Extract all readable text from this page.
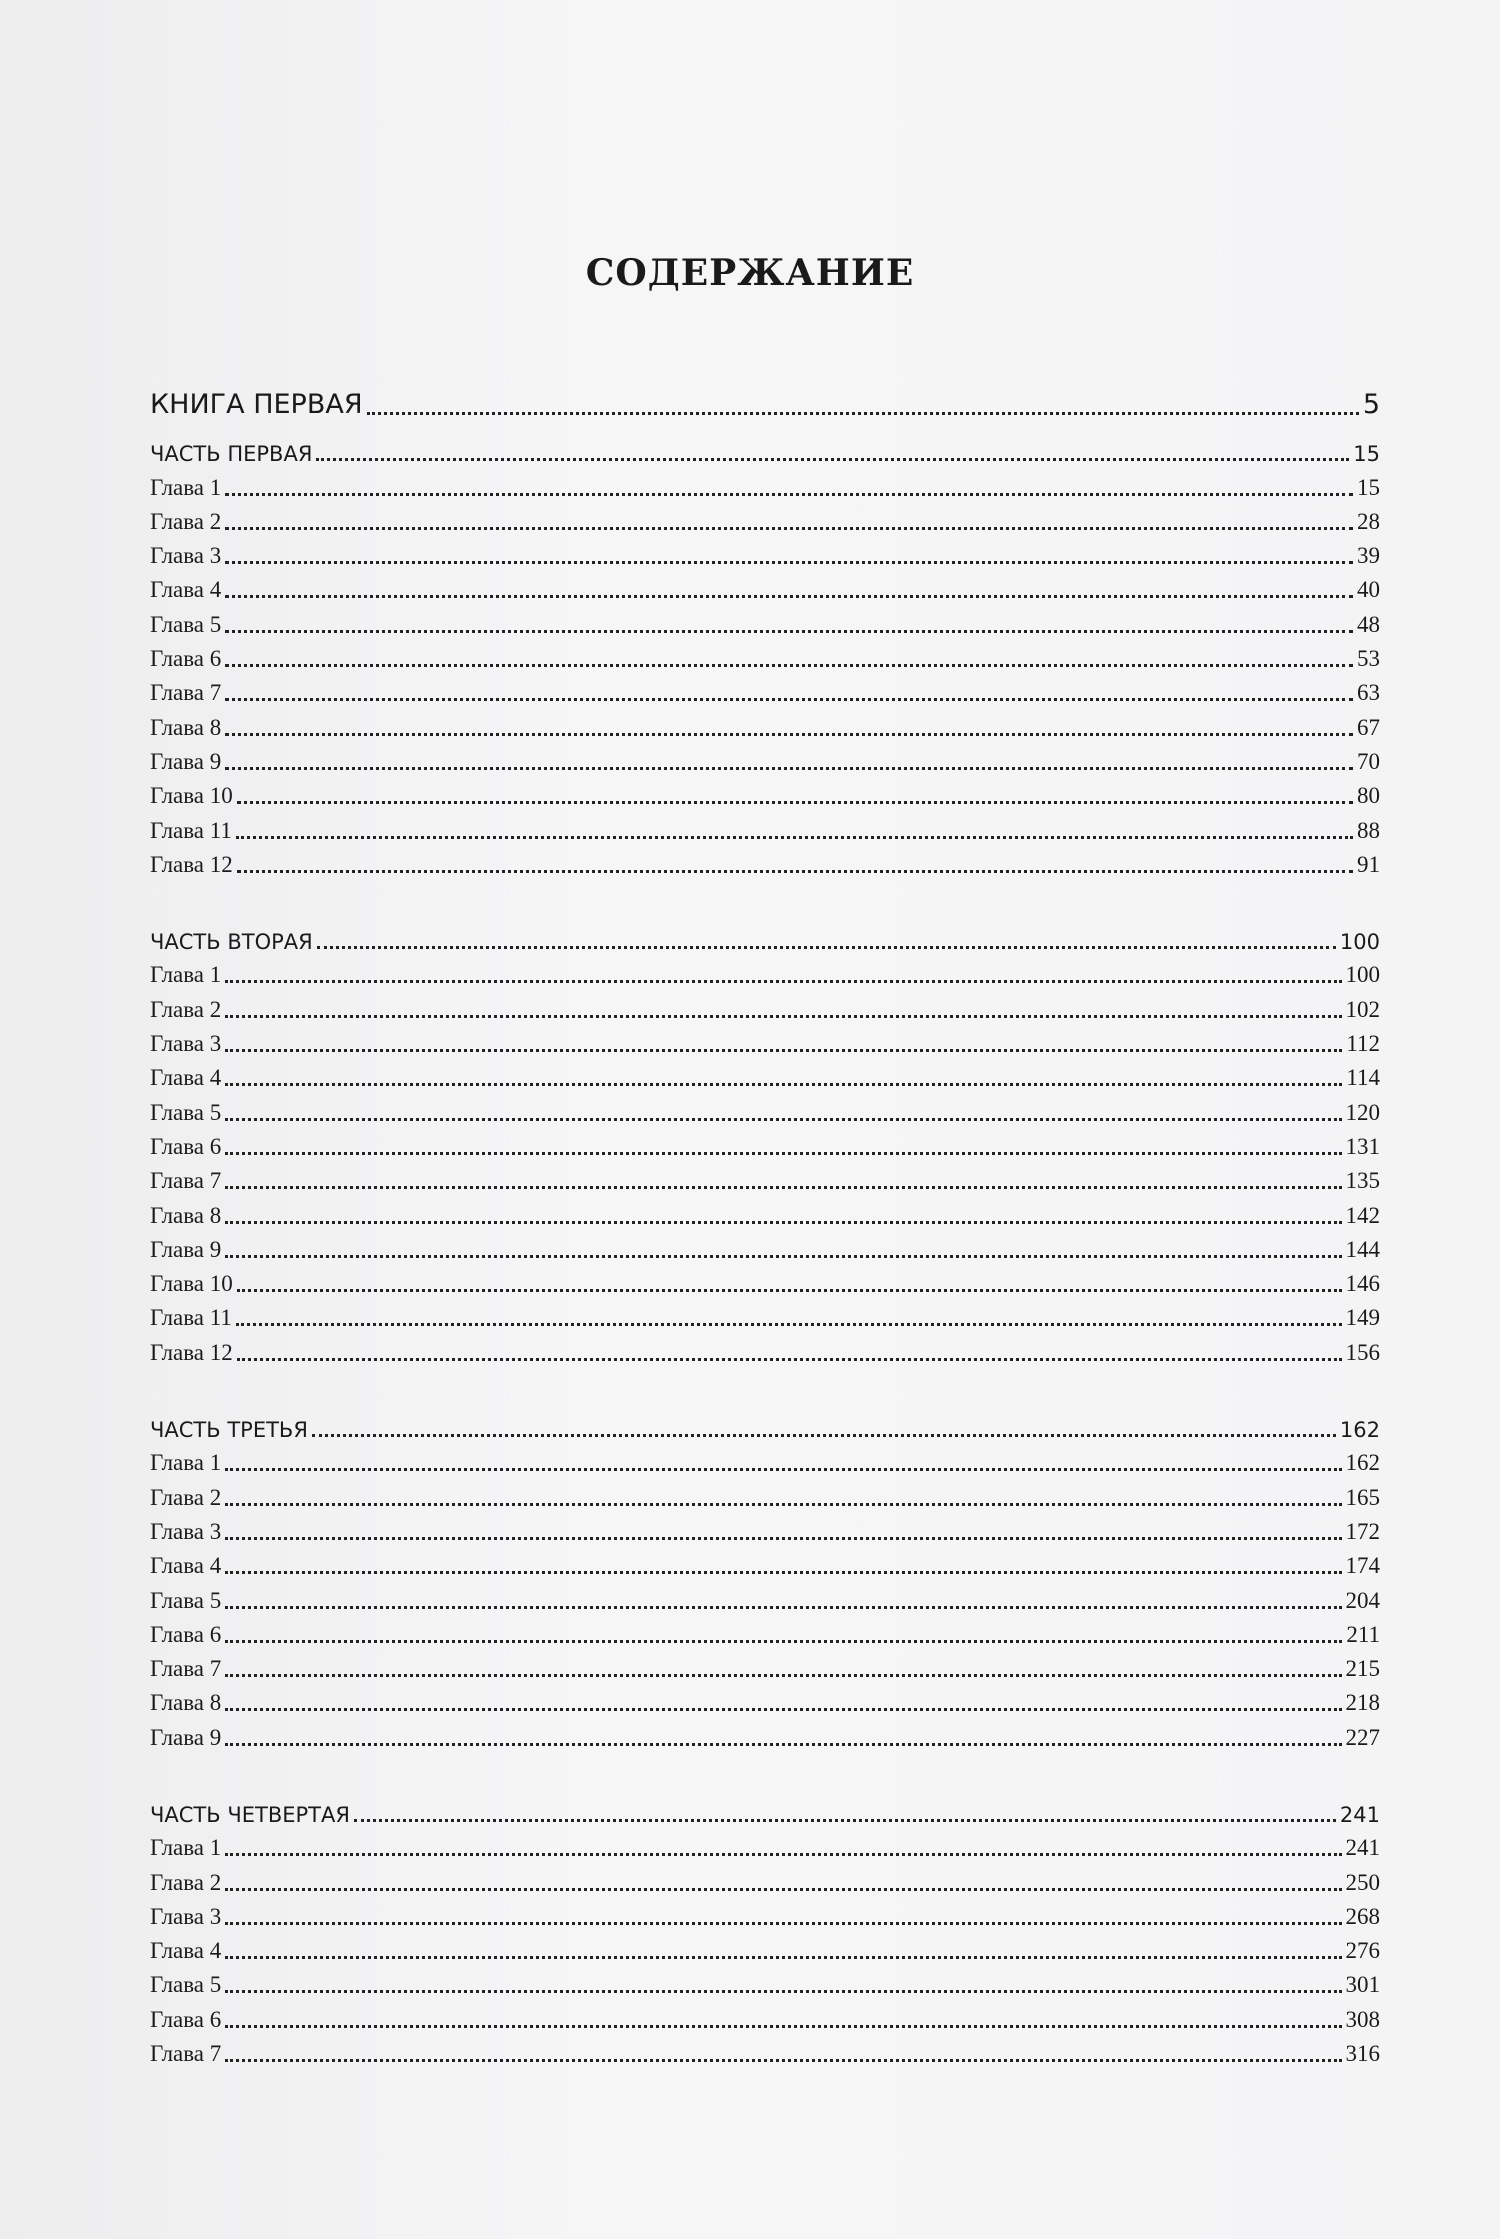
СОДЕРЖАНИЕ
КНИГА ПЕРВАЯ	5
ЧАСТЬ ПЕРВАЯ	15
Глава 1	15
Глава 2	28
Глава 3	39
Глава 4	40
Глава 5	48
Глава 6	53
Глава 7	63
Глава 8	67
Глава 9	70
Глава 10	80
Глава 11	88
Глава 12	91
ЧАСТЬ ВТОРАЯ	100
Глава 1	100
Глава 2	102
Глава 3	112
Глава 4	114
Глава 5	120
Глава 6	131
Глава 7	135
Глава 8	142
Глава 9	144
Глава 10	146
Глава 11	149
Глава 12	156
ЧАСТЬ ТРЕТЬЯ	162
Глава 1	162
Глава 2	165
Глава 3	172
Глава 4	174
Глава 5	204
Глава 6	211
Глава 7	215
Глава 8	218
Глава 9	227
ЧАСТЬ ЧЕТВЕРТАЯ	241
Глава 1	241
Глава 2	250
Глава 3	268
Глава 4	276
Глава 5	301
Глава 6	308
Глава 7	316
